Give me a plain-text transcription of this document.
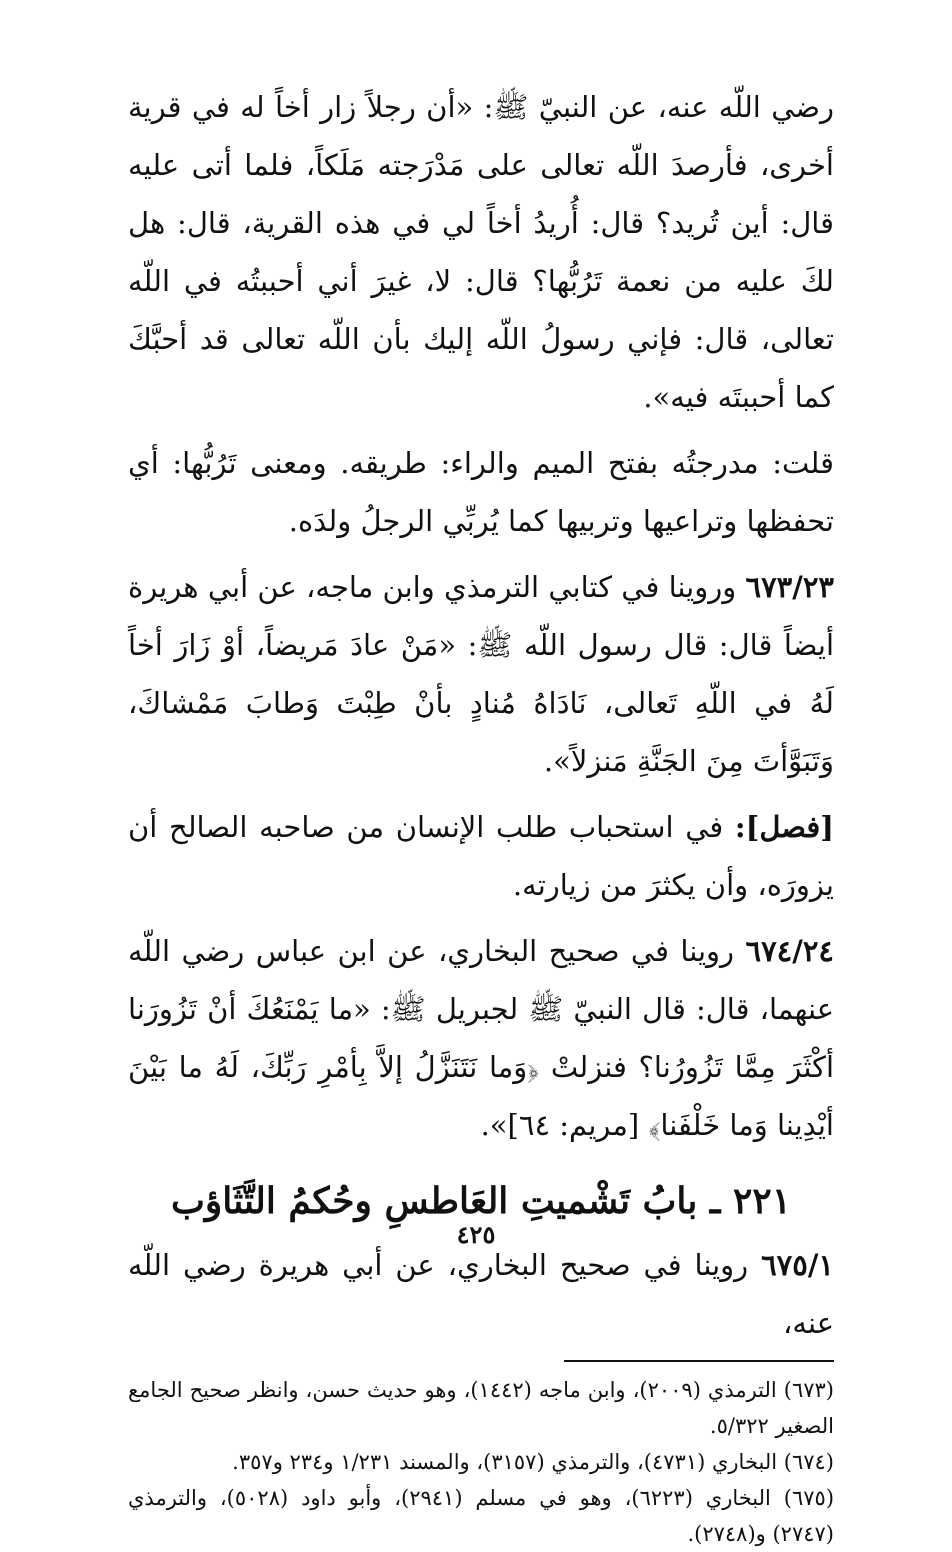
رضي اللّه عنه، عن النبيّ ﷺ: «أن رجلاً زار أخاً له في قرية أخرى، فأرصدَ اللّه تعالى على مَدْرَجته مَلَكاً، فلما أتى عليه قال: أين تُريد؟ قال: أُريدُ أخاً لي في هذه القرية، قال: هل لكَ عليه من نعمة تَرُبُّها؟ قال: لا، غيرَ أني أحببتُه في اللّه تعالى، قال: فإني رسولُ اللّه إليك بأن اللّه تعالى قد أحبَّكَ كما أحببتَه فيه».

قلت: مدرجتُه بفتح الميم والراء: طريقه. ومعنى تَرُبُّها: أي تحفظها وتراعيها وتربيها كما يُربِّي الرجلُ ولدَه.

٦٧٣/٢٣ وروينا في كتابي الترمذي وابن ماجه، عن أبي هريرة أيضاً قال: قال رسول اللّه ﷺ: «مَنْ عادَ مَريضاً، أوْ زَارَ أخاً لَهُ في اللّهِ تَعالى، نَادَاهُ مُنادٍ بأنْ طِبْتَ وَطابَ مَمْشاكَ، وَتَبَوَّأتَ مِنَ الجَنَّةِ مَنزلاً».

[فصل]: في استحباب طلب الإنسان من صاحبه الصالح أن يزورَه، وأن يكثرَ من زيارته.

٦٧٤/٢٤ روينا في صحيح البخاري، عن ابن عباس رضي اللّه عنهما، قال: قال النبيّ ﷺ لجبريل ﷺ: «ما يَمْنَعُكَ أنْ تَزُورَنا أكْثَرَ مِمَّا تَزُورُنا؟ فنزلتْ ﴿وَما نَتَنَزَّلُ إلاَّ بِأمْرِ رَبِّكَ، لَهُ ما بَيْنَ أيْدِينا وَما خَلْفَنا﴾ [مريم: ٦٤]».

٢٢١ ـ بابُ تَشْميتِ العَاطسِ وحُكمُ التَّثَاؤب

٦٧٥/١ روينا في صحيح البخاري، عن أبي هريرة رضي اللّه عنه،

(٦٧٣) الترمذي (٢٠٠٩)، وابن ماجه (١٤٤٢)، وهو حديث حسن، وانظر صحيح الجامع الصغير ٥/٣٢٢.

(٦٧٤) البخاري (٤٧٣١)، والترمذي (٣١٥٧)، والمسند ١/٢٣١ و٢٣٤ و٣٥٧.

(٦٧٥) البخاري (٦٢٢٣)، وهو في مسلم (٢٩٤١)، وأبو داود (٥٠٢٨)، والترمذي (٢٧٤٧) و(٢٧٤٨).

٤٢٥
